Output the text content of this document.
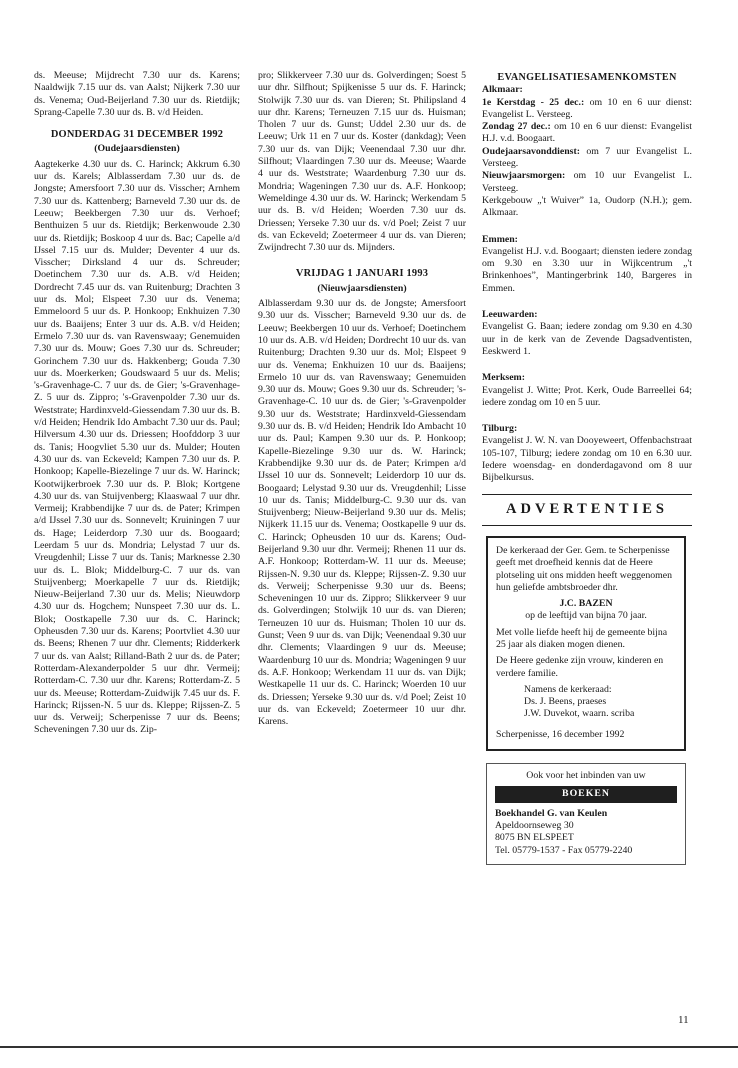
ds. Meeuse; Mijdrecht 7.30 uur ds. Karens; Naaldwijk 7.15 uur ds. van Aalst; Nijkerk 7.30 uur ds. Venema; Oud-Beijerland 7.30 uur ds. Rietdijk; Sprang-Capelle 7.30 uur ds. B. v/d Heiden.

DONDERDAG 31 DECEMBER 1992
(Oudejaarsdiensten)

Aagtekerke 4.30 uur ds. C. Harinck; Akkrum 6.30 uur ds. Karels; Alblasserdam 7.30 uur ds. de Jongste; Amersfoort 7.30 uur ds. Visscher; Arnhem 7.30 uur ds. Kattenberg; Barneveld 7.30 uur ds. de Leeuw; Beekbergen 7.30 uur ds. Verhoef; Benthuizen 5 uur ds. Rietdijk; Berkenwoude 2.30 uur ds. Rietdijk; Boskoop 4 uur ds. Bac; Capelle a/d IJssel 7.15 uur ds. Mulder; Deventer 4 uur ds. Visscher; Dirksland 4 uur ds. Schreuder; Doetinchem 7.30 uur ds. A.B. v/d Heiden; Dordrecht 7.45 uur ds. van Ruitenburg; Drachten 3 uur ds. Mol; Elspeet 7.30 uur ds. Venema; Emmeloord 5 uur ds. P. Honkoop; Enkhuizen 7.30 uur ds. Baaijens; Enter 3 uur ds. A.B. v/d Heiden; Ermelo 7.30 uur ds. van Ravenswaay; Genemuiden 7.30 uur ds. Mouw; Goes 7.30 uur ds. Schreuder; Gorinchem 7.30 uur ds. Hakkenberg; Gouda 7.30 uur ds. Moerkerken; Goudswaard 5 uur ds. Melis; 's-Gravenhage-C. 7 uur ds. de Gier; 's-Gravenhage-Z. 5 uur ds. Zippro; 's-Gravenpolder 7.30 uur ds. Weststrate; Hardinxveld-Giessendam 7.30 uur ds. B. v/d Heiden; Hendrik Ido Ambacht 7.30 uur ds. Paul; Hilversum 4.30 uur ds. Driessen; Hoofddorp 3 uur ds. Tanis; Hoogvliet 5.30 uur ds. Mulder; Houten 4.30 uur ds. van Eckeveld; Kampen 7.30 uur ds. P. Honkoop; Kapelle-Biezelinge 7 uur ds. W. Harinck; Kootwijkerbroek 7.30 uur ds. P. Blok; Kortgene 4.30 uur ds. van Stuijvenberg; Klaaswaal 7 uur dhr. Vermeij; Krabbendijke 7 uur ds. de Pater; Krimpen a/d IJssel 7.30 uur ds. Sonnevelt; Kruiningen 7 uur ds. Hage; Leiderdorp 7.30 uur ds. Boogaard; Leerdam 5 uur ds. Mondria; Lelystad 7 uur ds. Vreugdenhil; Lisse 7 uur ds. Tanis; Marknesse 2.30 uur ds. L. Blok; Middelburg-C. 7 uur ds. van Stuijvenberg; Moerkapelle 7 uur ds. Rietdijk; Nieuw-Beijerland 7.30 uur ds. Melis; Nieuwdorp 4.30 uur ds. Hogchem; Nunspeet 7.30 uur ds. L. Blok; Oostkapelle 7.30 uur ds. C. Harinck; Opheusden 7.30 uur ds. Karens; Poortvliet 4.30 uur ds. Beens; Rhenen 7 uur dhr. Clements; Ridderkerk 7 uur ds. van Aalst; Rilland-Bath 2 uur ds. de Pater; Rotterdam-Alexanderpolder 5 uur dhr. Vermeij; Rotterdam-C. 7.30 uur dhr. Karens; Rotterdam-Z. 5 uur ds. Meeuse; Rotterdam-Zuidwijk 7.45 uur ds. F. Harinck; Rijssen-N. 5 uur ds. Kleppe; Rijssen-Z. 5 uur ds. Verweij; Scherpenisse 7 uur ds. Beens; Scheveningen 7.30 uur ds. Zip-

pro; Slikkerveer 7.30 uur ds. Golverdingen; Soest 5 uur dhr. Silfhout; Spijkenisse 5 uur ds. F. Harinck; Stolwijk 7.30 uur ds. van Dieren; St. Philipsland 4 uur dhr. Karens; Terneuzen 7.15 uur ds. Huisman; Tholen 7 uur ds. Gunst; Uddel 2.30 uur ds. de Leeuw; Urk 11 en 7 uur ds. Koster (dankdag); Veen 7.30 uur ds. van Dijk; Veenendaal 7.30 uur dhr. Silfhout; Vlaardingen 7.30 uur ds. Meeuse; Waarde 4 uur ds. Weststrate; Waardenburg 7.30 uur ds. Mondria; Wageningen 7.30 uur ds. A.F. Honkoop; Wemeldinge 4.30 uur ds. W. Harinck; Werkendam 5 uur ds. B. v/d Heiden; Woerden 7.30 uur ds. Driessen; Yerseke 7.30 uur ds. v/d Poel; Zeist 7 uur ds. van Eckeveld; Zoetermeer 4 uur ds. van Dieren; Zwijndrecht 7.30 uur ds. Mijnders.

VRIJDAG 1 JANUARI 1993
(Nieuwjaarsdiensten)

Alblasserdam 9.30 uur ds. de Jongste; Amersfoort 9.30 uur ds. Visscher; Barneveld 9.30 uur ds. de Leeuw; Beekbergen 10 uur ds. Verhoef; Doetinchem 10 uur ds. A.B. v/d Heiden; Dordrecht 10 uur ds. van Ruitenburg; Drachten 9.30 uur ds. Mol; Elspeet 9 uur ds. Venema; Enkhuizen 10 uur ds. Baaijens; Ermelo 10 uur ds. van Ravenswaay; Genemuiden 9.30 uur ds. Mouw; Goes 9.30 uur ds. Schreuder; 's-Gravenhage-C. 10 uur ds. de Gier; 's-Gravenpolder 9.30 uur ds. Weststrate; Hardinxveld-Giessendam 9.30 uur ds. B. v/d Heiden; Hendrik Ido Ambacht 10 uur ds. Paul; Kampen 9.30 uur ds. P. Honkoop; Kapelle-Biezelinge 9.30 uur ds. W. Harinck; Krabbendijke 9.30 uur ds. de Pater; Krimpen a/d IJssel 10 uur ds. Sonnevelt; Leiderdorp 10 uur ds. Boogaard; Lelystad 9.30 uur ds. Vreugdenhil; Lisse 10 uur ds. Tanis; Middelburg-C. 9.30 uur ds. van Stuijvenberg; Nieuw-Beijerland 9.30 uur ds. Melis; Nijkerk 11.15 uur ds. Venema; Oostkapelle 9 uur ds. C. Harinck; Opheusden 10 uur ds. Karens; Oud-Beijerland 9.30 uur dhr. Vermeij; Rhenen 11 uur ds. A.F. Honkoop; Rotterdam-W. 11 uur ds. Meeuse; Rijssen-N. 9.30 uur ds. Kleppe; Rijssen-Z. 9.30 uur ds. Verweij; Scherpenisse 9.30 uur ds. Beens; Scheveningen 10 uur ds. Zippro; Slikkerveer 9 uur ds. Golverdingen; Stolwijk 10 uur ds. van Dieren; Terneuzen 10 uur ds. Huisman; Tholen 10 uur ds. Gunst; Veen 9 uur ds. van Dijk; Veenendaal 9.30 uur dhr. Clements; Vlaardingen 9 uur ds. Meeuse; Waardenburg 10 uur ds. Mondria; Wageningen 9 uur ds. A.F. Honkoop; Werkendam 11 uur ds. van Dijk; Westkapelle 11 uur ds. C. Harinck; Woerden 10 uur ds. Driessen; Yerseke 9.30 uur ds. v/d Poel; Zeist 10 uur ds. van Eckeveld; Zoetermeer 10 uur dhr. Karens.

EVANGELISATIESAMENKOMSTEN
Alkmaar:

1e Kerstdag - 25 dec.: om 10 en 6 uur dienst: Evangelist L. Versteeg.

Zondag 27 dec.: om 10 en 6 uur dienst: Evangelist H.J. v.d. Boogaart.

Oudejaarsavonddienst: om 7 uur Evangelist L. Versteeg.

Nieuwjaarsmorgen: om 10 uur Evangelist L. Versteeg.

Kerkgebouw „'t Wuiver” 1a, Oudorp (N.H.); gem. Alkmaar.

Emmen:

Evangelist H.J. v.d. Boogaart; diensten iedere zondag om 9.30 en 3.30 uur in Wijkcentrum „'t Brinkenhoes”, Mantingerbrink 140, Bargeres in Emmen.

Leeuwarden:

Evangelist G. Baan; iedere zondag om 9.30 en 4.30 uur in de kerk van de Zevende Dagsadventisten, Eeskwerd 1.

Merksem:

Evangelist J. Witte; Prot. Kerk, Oude Barreellei 64; iedere zondag om 10 en 5 uur.

Tilburg:

Evangelist J. W. N. van Dooyeweert, Offenbachstraat 105-107, Tilburg; iedere zondag om 10 en 6.30 uur. Iedere woensdag- en donderdagavond om 8 uur Bijbelkursus.

ADVERTENTIES

De kerkeraad der Ger. Gem. te Scherpenisse geeft met droefheid kennis dat de Heere plotseling uit ons midden heeft weggenomen hun geliefde ambtsbroeder dhr.

J.C. BAZEN

op de leeftijd van bijna 70 jaar.

Met volle liefde heeft hij de gemeente bijna 25 jaar als diaken mogen dienen.

De Heere gedenke zijn vrouw, kinderen en verdere familie.

Namens de kerkeraad:

Ds. J. Beens, praeses

J.W. Duvekot, waarn. scriba

Scherpenisse, 16 december 1992

Ook voor het inbinden van uw

BOEKEN

Boekhandel G. van Keulen

Apeldoornseweg 30

8075 BN ELSPEET

Tel. 05779-1537 - Fax 05779-2240

11
